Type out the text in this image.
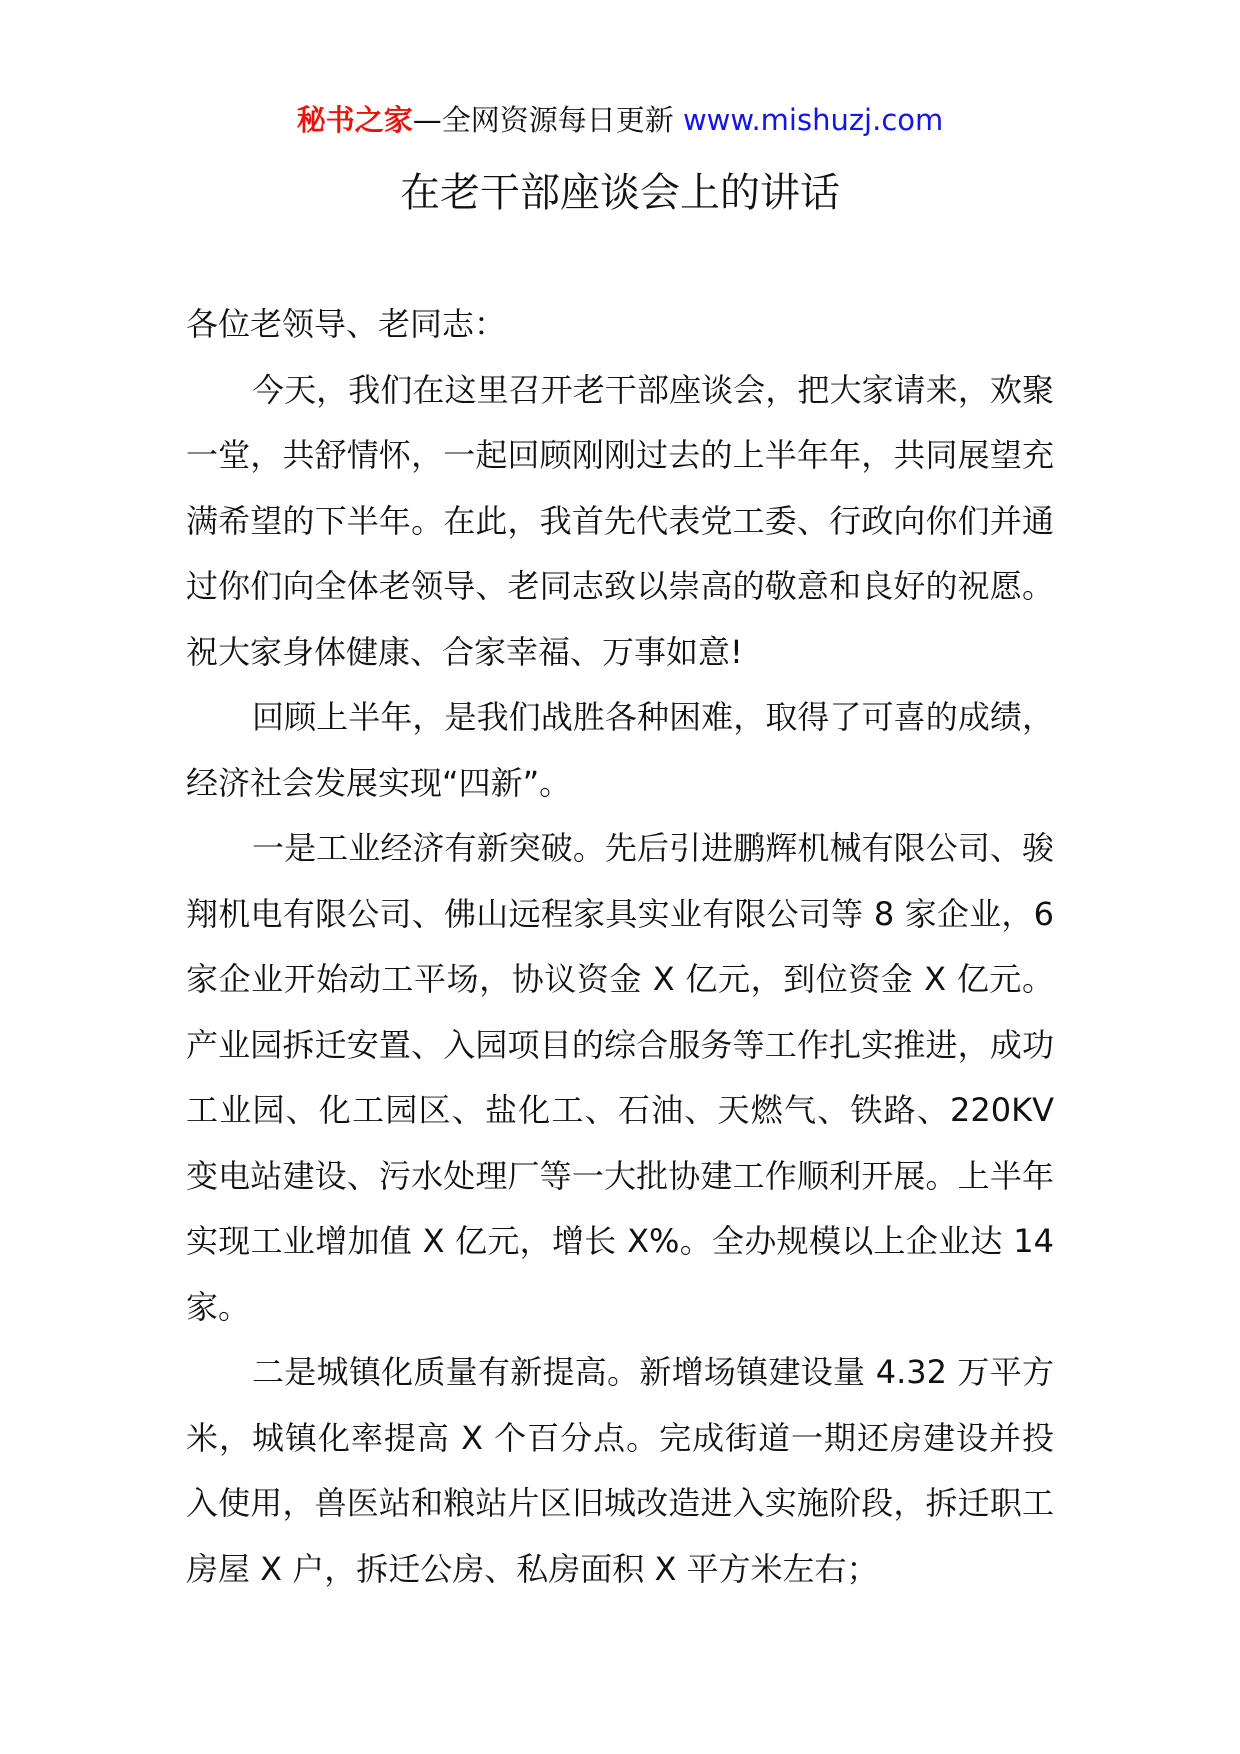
秘书之家—全网资源每日更新 www.mishuzj.com
在老干部座谈会上的讲话

各位老领导、老同志：

今天，我们在这里召开老干部座谈会，把大家请来，欢聚一堂，共舒情怀，一起回顾刚刚过去的上半年年，共同展望充满希望的下半年。在此，我首先代表党工委、行政向你们并通过你们向全体老领导、老同志致以崇高的敬意和良好的祝愿。祝大家身体健康、合家幸福、万事如意!

回顾上半年，是我们战胜各种困难，取得了可喜的成绩，经济社会发展实现“四新”。

一是工业经济有新突破。先后引进鹏辉机械有限公司、骏翔机电有限公司、佛山远程家具实业有限公司等 8 家企业，6 家企业开始动工平场，协议资金 X 亿元，到位资金 X 亿元。产业园拆迁安置、入园项目的综合服务等工作扎实推进，成功工业园、化工园区、盐化工、石油、天燃气、铁路、220KV 变电站建设、污水处理厂等一大批协建工作顺利开展。上半年实现工业增加值 X 亿元，增长 X%。全办规模以上企业达 14 家。

二是城镇化质量有新提高。新增场镇建设量 4.32 万平方米，城镇化率提高 X 个百分点。完成街道一期还房建设并投入使用，兽医站和粮站片区旧城改造进入实施阶段，拆迁职工房屋 X 户，拆迁公房、私房面积 X 平方米左右；
